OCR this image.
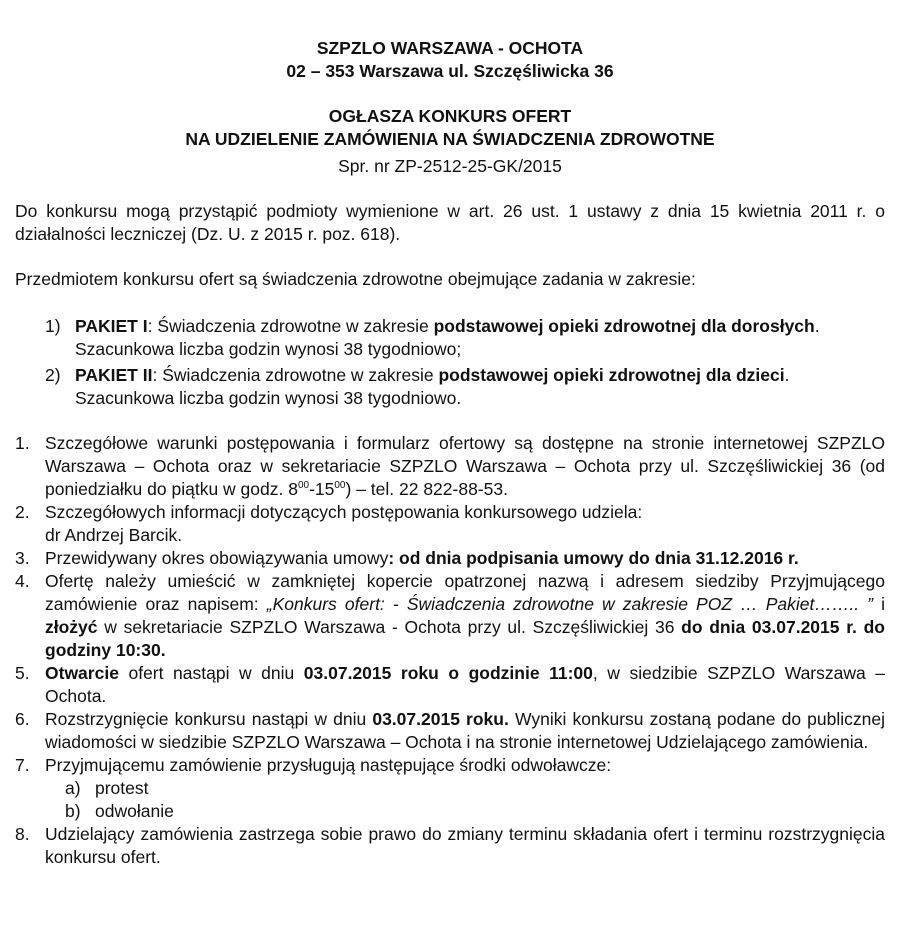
SZPZLO WARSZAWA - OCHOTA
02 – 353 Warszawa ul. Szczęśliwicka 36
OGŁASZA KONKURS OFERT
NA UDZIELENIE ZAMÓWIENIA NA ŚWIADCZENIA ZDROWOTNE
Spr. nr ZP-2512-25-GK/2015
Do konkursu mogą przystąpić podmioty wymienione w art. 26 ust. 1 ustawy z dnia 15 kwietnia 2011 r. o działalności leczniczej (Dz. U. z 2015 r. poz. 618).
Przedmiotem konkursu ofert są świadczenia zdrowotne obejmujące zadania w zakresie:
1) PAKIET I: Świadczenia zdrowotne w zakresie podstawowej opieki zdrowotnej dla dorosłych. Szacunkowa liczba godzin wynosi 38 tygodniowo;
2) PAKIET II: Świadczenia zdrowotne w zakresie podstawowej opieki zdrowotnej dla dzieci. Szacunkowa liczba godzin wynosi 38 tygodniowo.
1. Szczegółowe warunki postępowania i formularz ofertowy są dostępne na stronie internetowej SZPZLO Warszawa – Ochota oraz w sekretariacie SZPZLO Warszawa – Ochota przy ul. Szczęśliwickiej 36 (od poniedziałku do piątku w godz. $8^{00}-15^{00}$) – tel. 22 822-88-53.
2. Szczegółowych informacji dotyczących postępowania konkursowego udziela:
dr Andrzej Barcik.
3. Przewidywany okres obowiązywania umowy: od dnia podpisania umowy do dnia 31.12.2016 r.
4. Ofertę należy umieścić w zamkniętej kopercie opatrzonej nazwą i adresem siedziby Przyjmującego zamówienie oraz napisem: „Konkurs ofert: - Świadczenia zdrowotne w zakresie POZ … Pakiet…….. ” i złożyć w sekretariacie SZPZLO Warszawa - Ochota przy ul. Szczęśliwickiej 36 do dnia 03.07.2015 r. do godziny 10:30.
5. Otwarcie ofert nastąpi w dniu 03.07.2015 roku o godzinie 11:00, w siedzibie SZPZLO Warszawa – Ochota.
6. Rozstrzygnięcie konkursu nastąpi w dniu 03.07.2015 roku. Wyniki konkursu zostaną podane do publicznej wiadomości w siedzibie SZPZLO Warszawa – Ochota i na stronie internetowej Udzielającego zamówienia.
7. Przyjmującemu zamówienie przysługują następujące środki odwoławcze:
a) protest
b) odwołanie
8. Udzielający zamówienia zastrzega sobie prawo do zmiany terminu składania ofert i terminu rozstrzygnięcia konkursu ofert.
